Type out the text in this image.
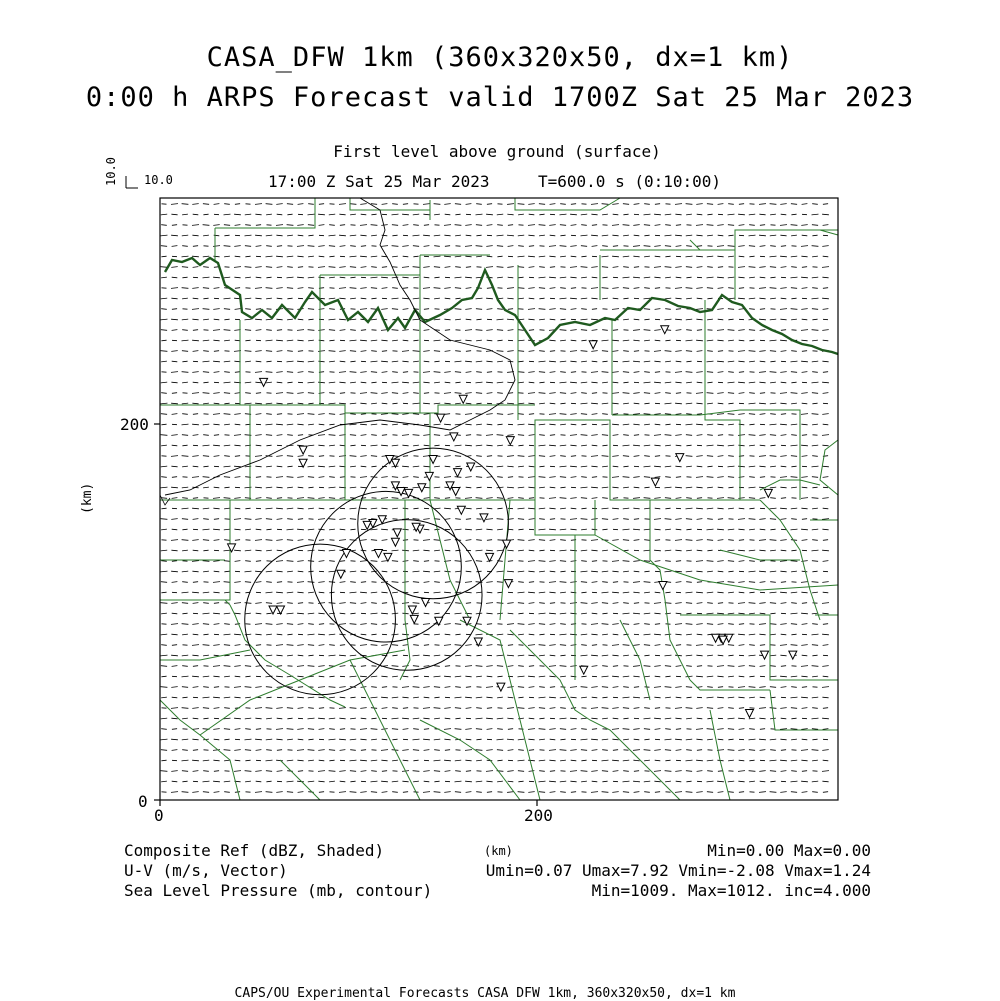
CASA_DFW 1km (360x320x50, dx=1 km)
0:00 h ARPS Forecast valid 1700Z Sat 25 Mar 2023
First level above ground (surface)
17:00 Z Sat 25 Mar 2023	T=600.0 s (0:10:00)
10.0 10.0
200
0
0	200
(km)
Composite Ref (dBZ, Shaded)	Min=0.00 Max=0.00
(km)
U-V (m/s, Vector)	Umin=0.07 Umax=7.92 Vmin=-2.08 Vmax=1.24
Sea Level Pressure (mb, contour)	Min=1009. Max=1012. inc=4.000
CAPS/OU Experimental Forecasts CASA DFW 1km, 360x320x50, dx=1 km
